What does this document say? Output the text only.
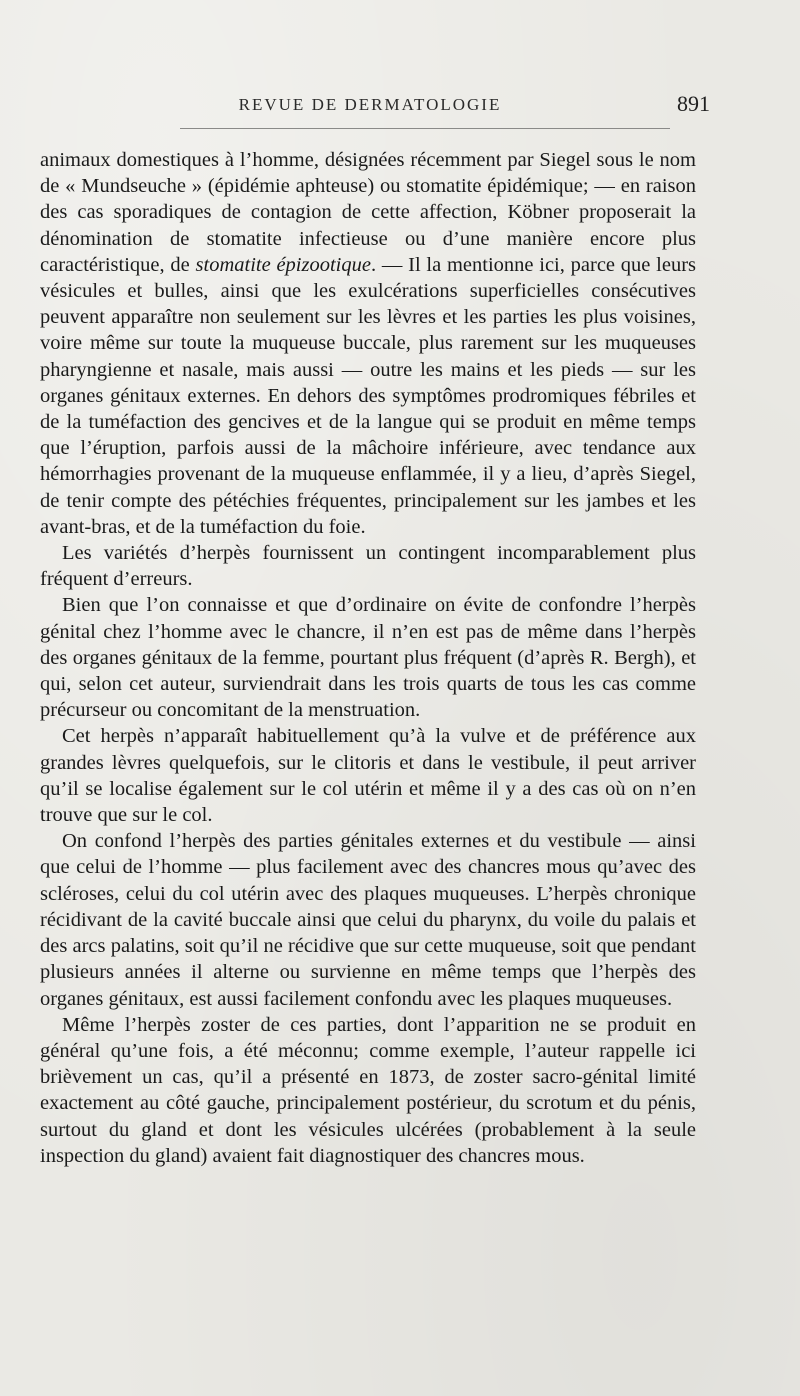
REVUE DE DERMATOLOGIE	891

animaux domestiques à l’homme, désignées récemment par Siegel sous le nom de « Mundseuche » (épidémie aphteuse) ou stomatite épidémique; — en raison des cas sporadiques de contagion de cette affection, Köbner proposerait la dénomination de stomatite infectieuse ou d’une manière encore plus caractéristique, de stomatite épizootique. — Il la mentionne ici, parce que leurs vésicules et bulles, ainsi que les exulcérations superficielles consécutives peuvent apparaître non seulement sur les lèvres et les parties les plus voisines, voire même sur toute la muqueuse buccale, plus rarement sur les muqueuses pharyngienne et nasale, mais aussi — outre les mains et les pieds — sur les organes génitaux externes. En dehors des symptômes prodromiques fébriles et de la tuméfaction des gencives et de la langue qui se produit en même temps que l’éruption, parfois aussi de la mâchoire inférieure, avec tendance aux hémorrhagies provenant de la muqueuse enflammée, il y a lieu, d’après Siegel, de tenir compte des pétéchies fréquentes, principalement sur les jambes et les avant-bras, et de la tuméfaction du foie.

Les variétés d’herpès fournissent un contingent incomparablement plus fréquent d’erreurs.

Bien que l’on connaisse et que d’ordinaire on évite de confondre l’herpès génital chez l’homme avec le chancre, il n’en est pas de même dans l’herpès des organes génitaux de la femme, pourtant plus fréquent (d’après R. Bergh), et qui, selon cet auteur, surviendrait dans les trois quarts de tous les cas comme précurseur ou concomitant de la menstruation.

Cet herpès n’apparaît habituellement qu’à la vulve et de préférence aux grandes lèvres quelquefois, sur le clitoris et dans le vestibule, il peut arriver qu’il se localise également sur le col utérin et même il y a des cas où on n’en trouve que sur le col.

On confond l’herpès des parties génitales externes et du vestibule — ainsi que celui de l’homme — plus facilement avec des chancres mous qu’avec des scléroses, celui du col utérin avec des plaques muqueuses. L’herpès chronique récidivant de la cavité buccale ainsi que celui du pharynx, du voile du palais et des arcs palatins, soit qu’il ne récidive que sur cette muqueuse, soit que pendant plusieurs années il alterne ou survienne en même temps que l’herpès des organes génitaux, est aussi facilement confondu avec les plaques muqueuses.

Même l’herpès zoster de ces parties, dont l’apparition ne se produit en général qu’une fois, a été méconnu; comme exemple, l’auteur rappelle ici brièvement un cas, qu’il a présenté en 1873, de zoster sacro-génital limité exactement au côté gauche, principalement postérieur, du scrotum et du pénis, surtout du gland et dont les vésicules ulcérées (probablement à la seule inspection du gland) avaient fait diagnostiquer des chancres mous.
